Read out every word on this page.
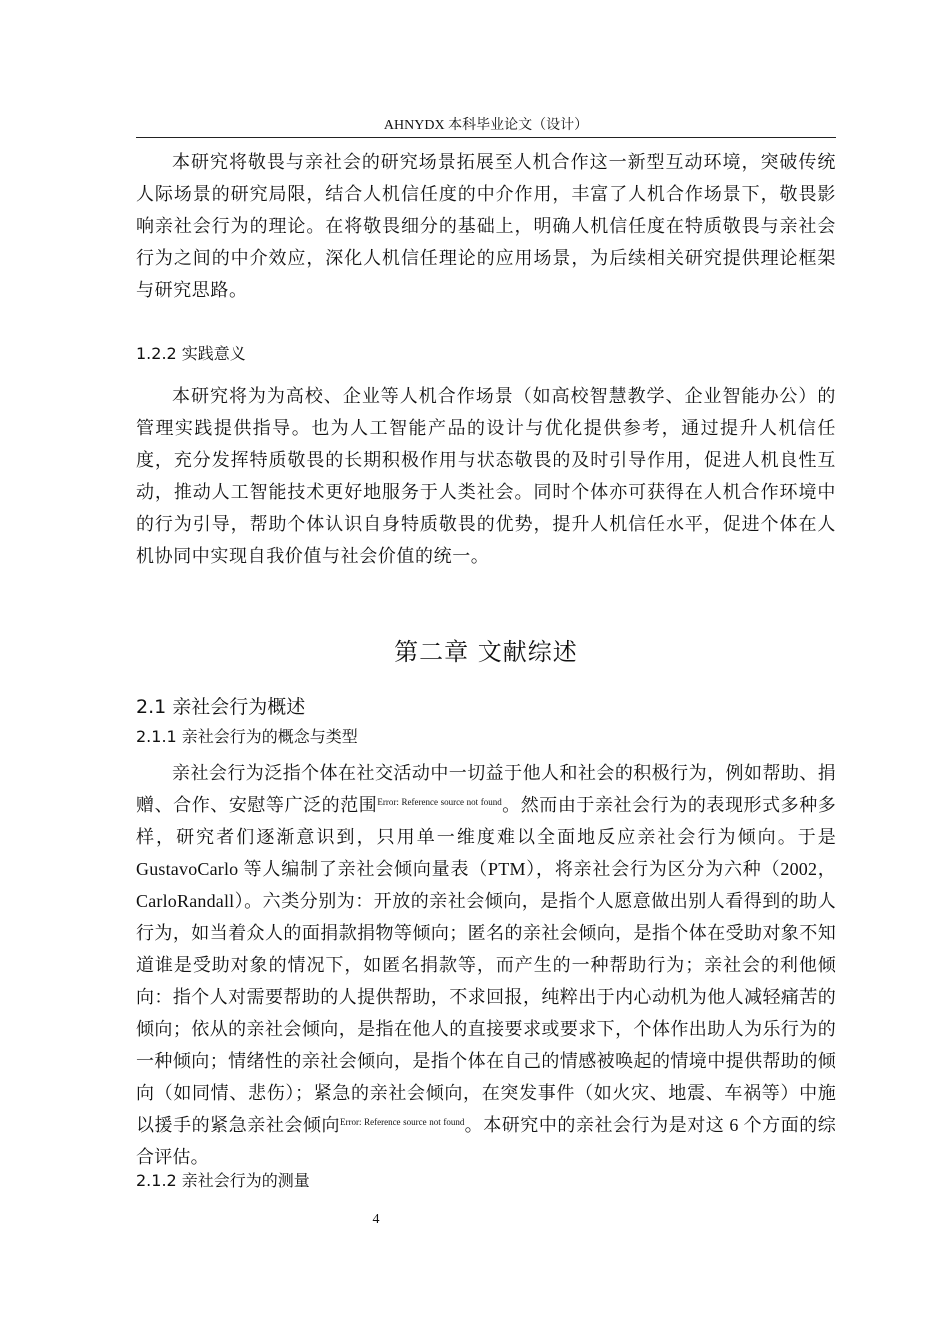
AHNYDX 本科毕业论文（设计）

本研究将敬畏与亲社会的研究场景拓展至人机合作这一新型互动环境，突破传统人际场景的研究局限，结合人机信任度的中介作用，丰富了人机合作场景下，敬畏影响亲社会行为的理论。在将敬畏细分的基础上，明确人机信任度在特质敬畏与亲社会行为之间的中介效应，深化人机信任理论的应用场景，为后续相关研究提供理论框架与研究思路。

1.2.2 实践意义

本研究将为为高校、企业等人机合作场景（如高校智慧教学、企业智能办公）的管理实践提供指导。也为人工智能产品的设计与优化提供参考，通过提升人机信任度，充分发挥特质敬畏的长期积极作用与状态敬畏的及时引导作用，促进人机良性互动，推动人工智能技术更好地服务于人类社会。同时个体亦可获得在人机合作环境中的行为引导，帮助个体认识自身特质敬畏的优势，提升人机信任水平，促进个体在人机协同中实现自我价值与社会价值的统一。

第二章 文献综述
2.1 亲社会行为概述
2.1.1 亲社会行为的概念与类型

亲社会行为泛指个体在社交活动中一切益于他人和社会的积极行为，例如帮助、捐赠、合作、安慰等广泛的范围$^{Error: Reference source not found}$。然而由于亲社会行为的表现形式多种多样，研究者们逐渐意识到，只用单一维度难以全面地反应亲社会行为倾向。于是 GustavoCarlo 等人编制了亲社会倾向量表（PTM），将亲社会行为区分为六种（2002，CarloRandall）。六类分别为：开放的亲社会倾向，是指个人愿意做出别人看得到的助人行为，如当着众人的面捐款捐物等倾向；匿名的亲社会倾向，是指个体在受助对象不知道谁是受助对象的情况下，如匿名捐款等，而产生的一种帮助行为；亲社会的利他倾向：指个人对需要帮助的人提供帮助，不求回报，纯粹出于内心动机为他人减轻痛苦的倾向；依从的亲社会倾向，是指在他人的直接要求或要求下，个体作出助人为乐行为的一种倾向；情绪性的亲社会倾向，是指个体在自己的情感被唤起的情境中提供帮助的倾向（如同情、悲伤）；紧急的亲社会倾向，在突发事件（如火灾、地震、车祸等）中施以援手的紧急亲社会倾向$^{Error: Reference source not found}$。本研究中的亲社会行为是对这 6 个方面的综合评估。

2.1.2 亲社会行为的测量
4
